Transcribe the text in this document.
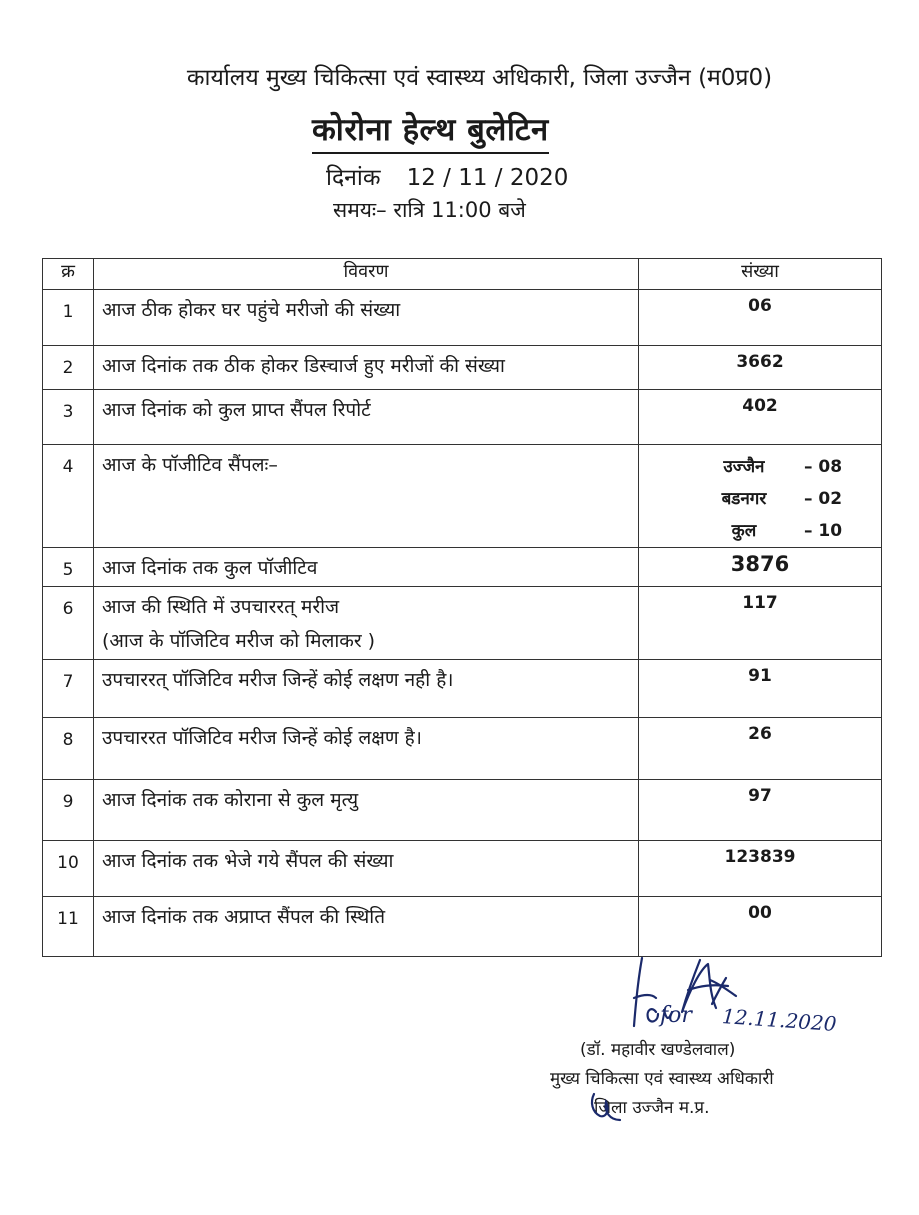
कार्यालय मुख्य चिकित्सा एवं स्वास्थ्य अधिकारी, जिला उज्जैन (म0प्र0)
कोरोना हेल्थ बुलेटिन
दिनांक 12 / 11 / 2020
समयः– रात्रि 11:00 बजे
क्र	विवरण	संख्या
1	आज ठीक होकर घर पहुंचे मरीजो की संख्या	06
2	आज दिनांक तक ठीक होकर डिस्चार्ज हुए मरीजों की संख्या	3662
3	आज दिनांक को कुल प्राप्त सैंपल रिपोर्ट	402
4	आज के पॉजीटिव सैंपलः–	उज्जैन – 08
बडनगर – 02
कुल – 10

5	आज दिनांक तक कुल पॉजीटिव	3876
6	आज की स्थिति में उपचाररत् मरीज
(आज के पॉजिटिव मरीज को मिलाकर )	117
7	उपचाररत् पॉजिटिव मरीज जिन्हें कोई लक्षण नही है।	91
8	उपचाररत पॉजिटिव मरीज जिन्हें कोई लक्षण है।	26
9	आज दिनांक तक कोराना से कुल मृत्यु	97
10	आज दिनांक तक भेजे गये सैंपल की संख्या	123839
11	आज दिनांक तक अप्राप्त सैंपल की स्थिति	00
for 12.11.2020
(डॉ. महावीर खण्डेलवाल)
मुख्य चिकित्सा एवं स्वास्थ्य अधिकारी
जिला उज्जैन म.प्र.
